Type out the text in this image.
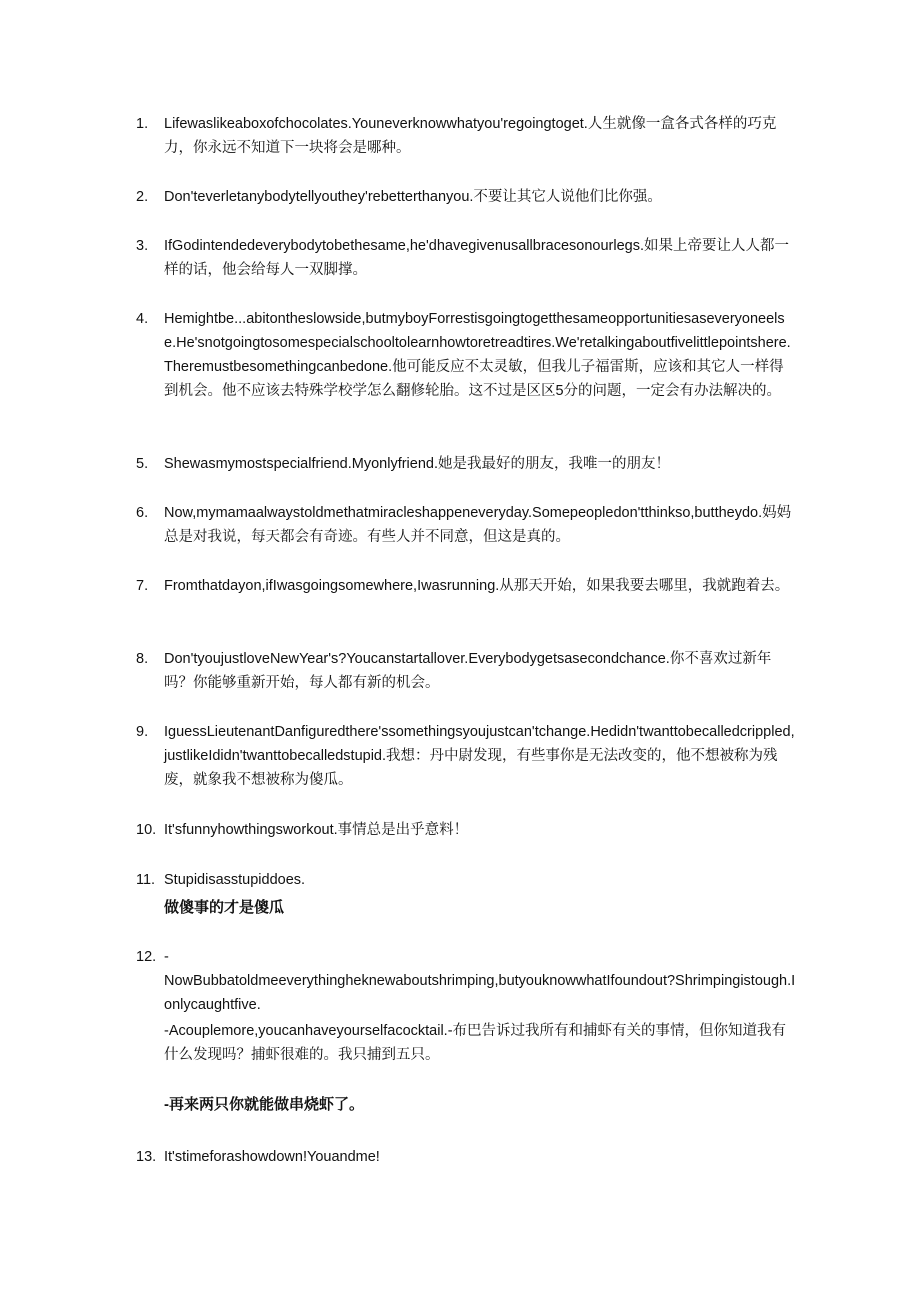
1.	Lifewaslikeaboxofchocolates.Youneverknowwhatyou'regoingtoget.人生就像一盒各式各样的巧克力，你永远不知道下一块将会是哪种。
2.	Don'teverletanybodytellyouthey'rebetterthanyou.不要让其它人说他们比你强。
3.	IfGodintendedeverybodytobethesame,he'dhavegivenusallbracesonourlegs.如果上帝要让人人都一样的话，他会给每人一双脚撑。
4.	Hemightbe...abitontheslowside,butmyboyForrestisgoingtogetthesameopportunitiesaseveryoneelse.He'snotgoingtosomespecialschooltolearnhowtoretreadtires.We'retalkingaboutfivelittlepointshere.Theremustbesomethingcanbedone.他可能反应不太灵敏，但我儿子福雷斯，应该和其它人一样得到机会。他不应该去特殊学校学怎么翻修轮胎。这不过是区区5分的问题，一定会有办法解决的。
5.	Shewasmymostspecialfriend.Myonlyfriend.她是我最好的朋友，我唯一的朋友！
6.	Now,mymamaalwaystoldmethatmiracleshappeneveryday.Somepeopledon'tthinkso,buttheydo.妈妈总是对我说，每天都会有奇迹。有些人并不同意，但这是真的。
7.	Fromthatdayon,ifIwasgoingsomewhere,Iwasrunning.从那天开始，如果我要去哪里，我就跑着去。
8.	Don'tyoujustloveNewYear's?Youcanstartallover.Everybodygetsasecondchance.你不喜欢过新年吗？你能够重新开始，每人都有新的机会。
9.	IguessLieutenantDanfiguredthere'ssomethingsyoujustcan'tchange.Hedidn'twanttobecalledcrippled,justlikeIdidn'twanttobecalledstupid.我想：丹中尉发现，有些事你是无法改变的，他不想被称为残废，就象我不想被称为傻瓜。
10. It'sfunnyhowthingsworkout.事情总是出乎意料！
11. Stupidisasstupiddoes.
做傻事的才是傻瓜
12. -
NowBubbatoldmeeverythingheknewaboutshrimping,butyouknowwhatIfoundout?Shrimpingistough.Ionlycaughtfive.
-Acouplemore,youcanhaveyourselfacocktail.-布巴告诉过我所有和捕虾有关的事情，但你知道我有什么发现吗？捕虾很难的。我只捕到五只。
-再来两只你就能做串烧虾了。
13. It'stimeforashowdown!Youandme!
